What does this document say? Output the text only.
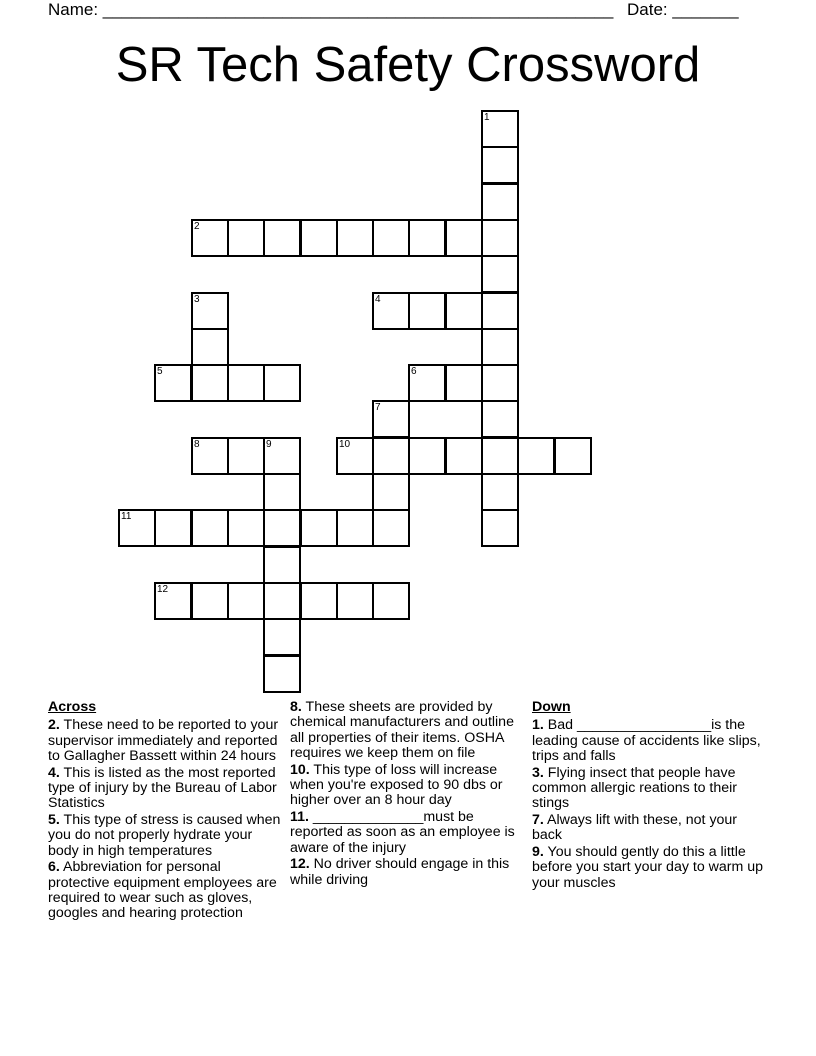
Name: ______________________________________________________ Date: _______
SR Tech Safety Crossword
1
2
3	4
5	6
7
8	9	10
11
12
Across
2. These need to be reported to your supervisor immediately and reported to Gallagher Bassett within 24 hours
4. This is listed as the most reported type of injury by the Bureau of Labor Statistics
5. This type of stress is caused when you do not properly hydrate your body in high temperatures
6. Abbreviation for personal protective equipment employees are required to wear such as gloves, googles and hearing protection
8. These sheets are provided by chemical manufacturers and outline all properties of their items. OSHA requires we keep them on file
10. This type of loss will increase when you're exposed to 90 dbs or higher over an 8 hour day
11. ______________must be reported as soon as an employee is aware of the injury
12. No driver should engage in this while driving
Down
1. Bad _________________is the leading cause of accidents like slips, trips and falls
3. Flying insect that people have common allergic reations to their stings
7. Always lift with these, not your back
9. You should gently do this a little before you start your day to warm up your muscles
